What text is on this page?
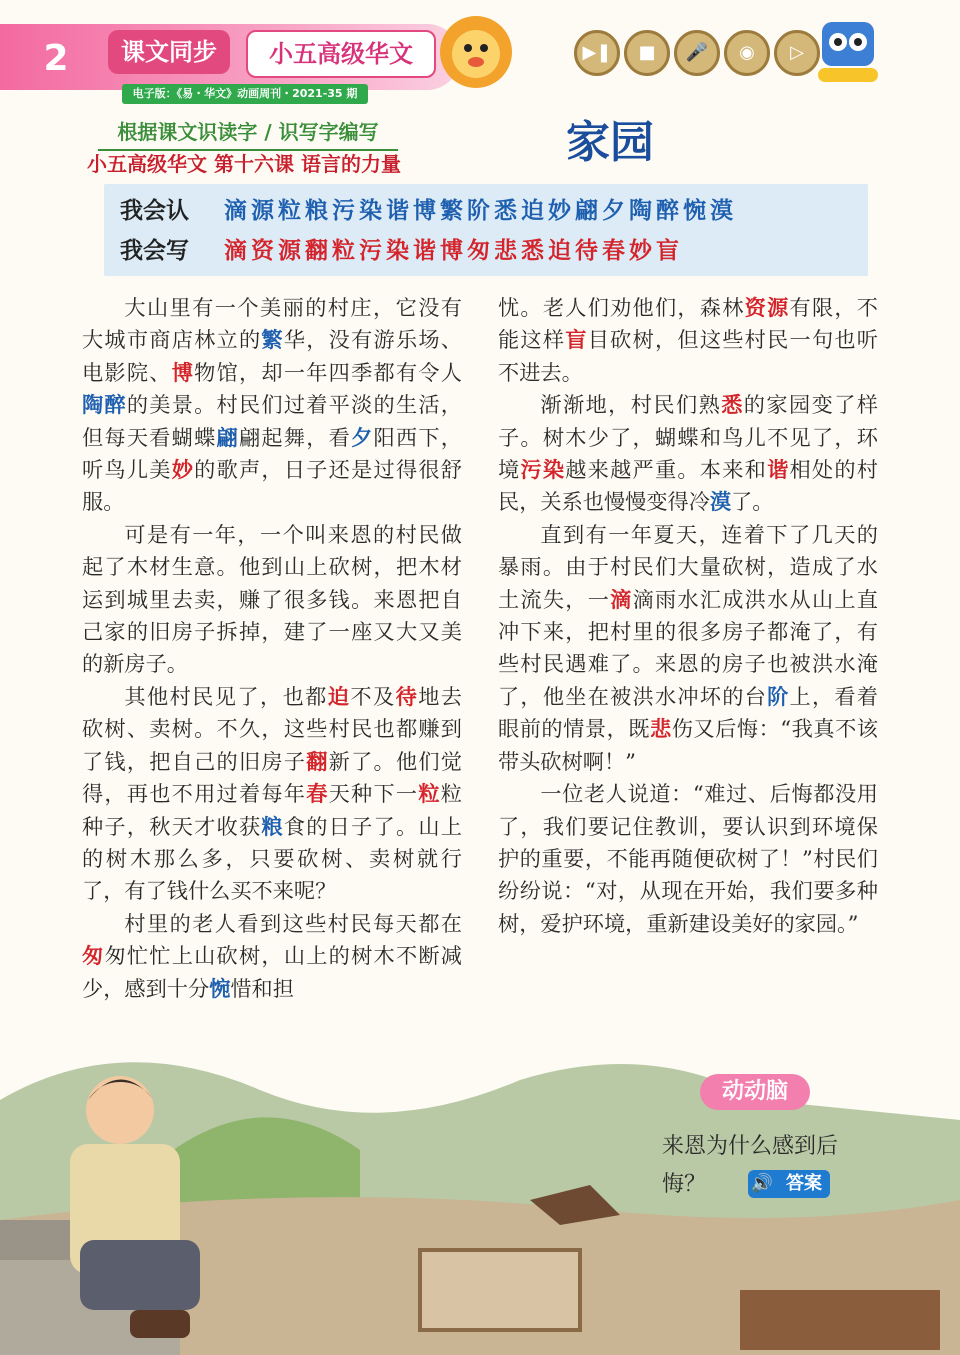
2	课文同步	小五高级华文
电子版：《易・华文》动画周刊・2021-35 期
▶❚	■	🎤	◉	▷
根据课文识读字 / 识写字编写
小五高级华文 第十六课 语言的力量	家园
我会认 滴源粒粮污染谐博繁阶悉迫妙翩夕陶醉惋漠
我会写 滴资源翻粒污染谐博匆悲悉迫待春妙盲

大山里有一个美丽的村庄，它没有大城市商店林立的繁华，没有游乐场、电影院、博物馆，却一年四季都有令人陶醉的美景。村民们过着平淡的生活，但每天看蝴蝶翩翩起舞，看夕阳西下，听鸟儿美妙的歌声，日子还是过得很舒服。

可是有一年，一个叫来恩的村民做起了木材生意。他到山上砍树，把木材运到城里去卖，赚了很多钱。来恩把自己家的旧房子拆掉，建了一座又大又美的新房子。

其他村民见了，也都迫不及待地去砍树、卖树。不久，这些村民也都赚到了钱，把自己的旧房子翻新了。他们觉得，再也不用过着每年春天种下一粒粒种子，秋天才收获粮食的日子了。山上的树木那么多，只要砍树、卖树就行了，有了钱什么买不来呢？

村里的老人看到这些村民每天都在匆匆忙忙上山砍树，山上的树木不断减少，感到十分惋惜和担

忧。老人们劝他们，森林资源有限，不能这样盲目砍树，但这些村民一句也听不进去。

渐渐地，村民们熟悉的家园变了样子。树木少了，蝴蝶和鸟儿不见了，环境污染越来越严重。本来和谐相处的村民，关系也慢慢变得冷漠了。

直到有一年夏天，连着下了几天的暴雨。由于村民们大量砍树，造成了水土流失，一滴滴雨水汇成洪水从山上直冲下来，把村里的很多房子都淹了，有些村民遇难了。来恩的房子也被洪水淹了，他坐在被洪水冲坏的台阶上，看着眼前的情景，既悲伤又后悔：“我真不该带头砍树啊！”

一位老人说道：“难过、后悔都没用了，我们要记住教训，要认识到环境保护的重要，不能再随便砍树了！”村民们纷纷说：“对，从现在开始，我们要多种树，爱护环境，重新建设美好的家园。”

动动脑
来恩为什么感到后悔？	答案
🔊
